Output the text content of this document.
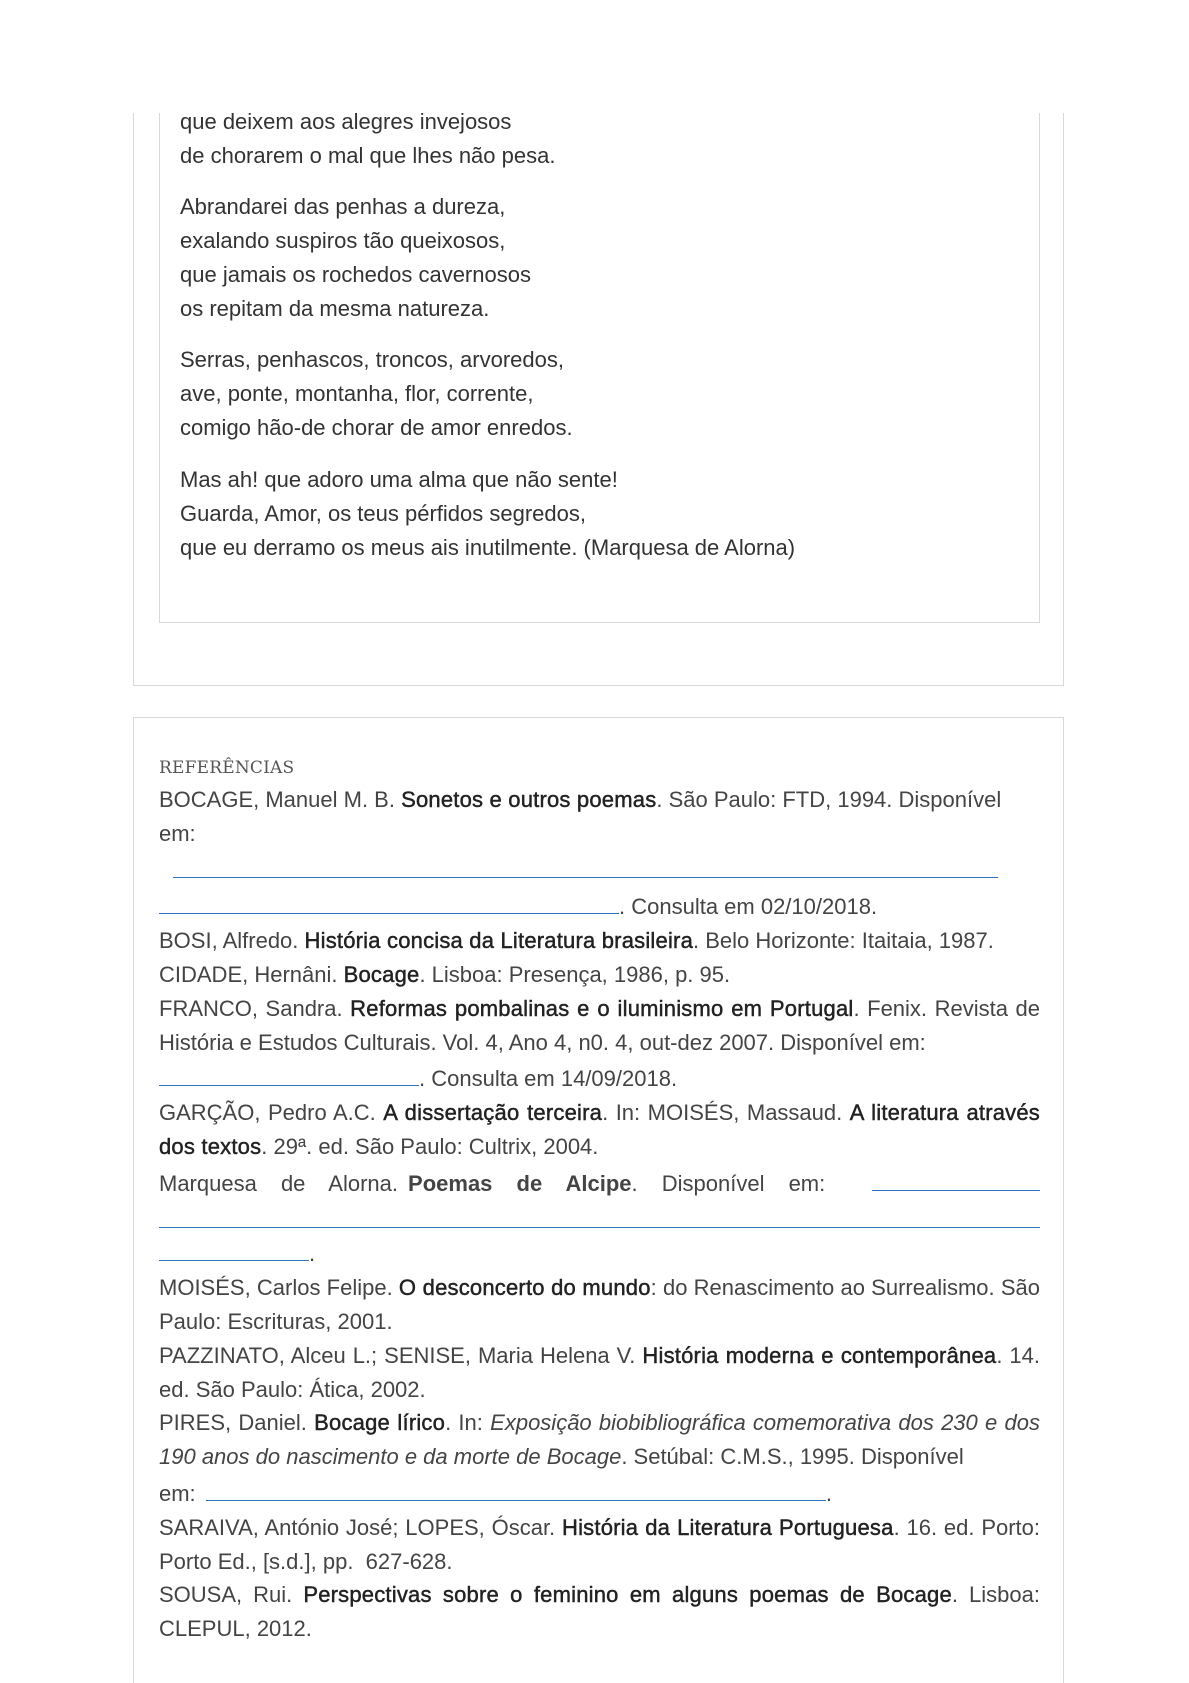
que deixem aos alegres invejosos
de chorarem o mal que lhes não pesa.
Abrandarei das penhas a dureza,
exalando suspiros tão queixosos,
que jamais os rochedos cavernosos
os repitam da mesma natureza.
Serras, penhascos, troncos, arvoredos,
ave, ponte, montanha, flor, corrente,
comigo hão-de chorar de amor enredos.
Mas ah! que adoro uma alma que não sente!
Guarda, Amor, os teus pérfidos segredos,
que eu derramo os meus ais inutilmente. (Marquesa de Alorna)
REFERÊNCIAS
BOCAGE, Manuel M. B. Sonetos e outros poemas. São Paulo: FTD, 1994. Disponível
em:
. Consulta em 02/10/2018.
BOSI, Alfredo. História concisa da Literatura brasileira. Belo Horizonte: Itaitaia, 1987.
CIDADE, Hernâni. Bocage. Lisboa: Presença, 1986, p. 95.
FRANCO, Sandra. Reformas pombalinas e o iluminismo em Portugal. Fenix. Revista de História e Estudos Culturais. Vol. 4, Ano 4, n0. 4, out-dez 2007. Disponível em:
. Consulta em 14/09/2018.
GARÇÃO, Pedro A.C. A dissertação terceira. In: MOISÉS, Massaud. A literatura através dos textos. 29ª. ed. São Paulo: Cultrix, 2004.
Marquesa de Alorna. Poemas de Alcipe. Disponível em:
.
MOISÉS, Carlos Felipe. O desconcerto do mundo: do Renascimento ao Surrealismo. São Paulo: Escrituras, 2001.
PAZZINATO, Alceu L.; SENISE, Maria Helena V. História moderna e contemporânea. 14. ed. São Paulo: Ática, 2002.
PIRES, Daniel. Bocage lírico. In: Exposição biobibliográfica comemorativa dos 230 e dos 190 anos do nascimento e da morte de Bocage. Setúbal: C.M.S., 1995. Disponível
em:	.
SARAIVA, António José; LOPES, Óscar. História da Literatura Portuguesa. 16. ed. Porto: Porto Ed., [s.d.], pp.  627-628.
SOUSA, Rui. Perspectivas sobre o feminino em alguns poemas de Bocage. Lisboa: CLEPUL, 2012.
